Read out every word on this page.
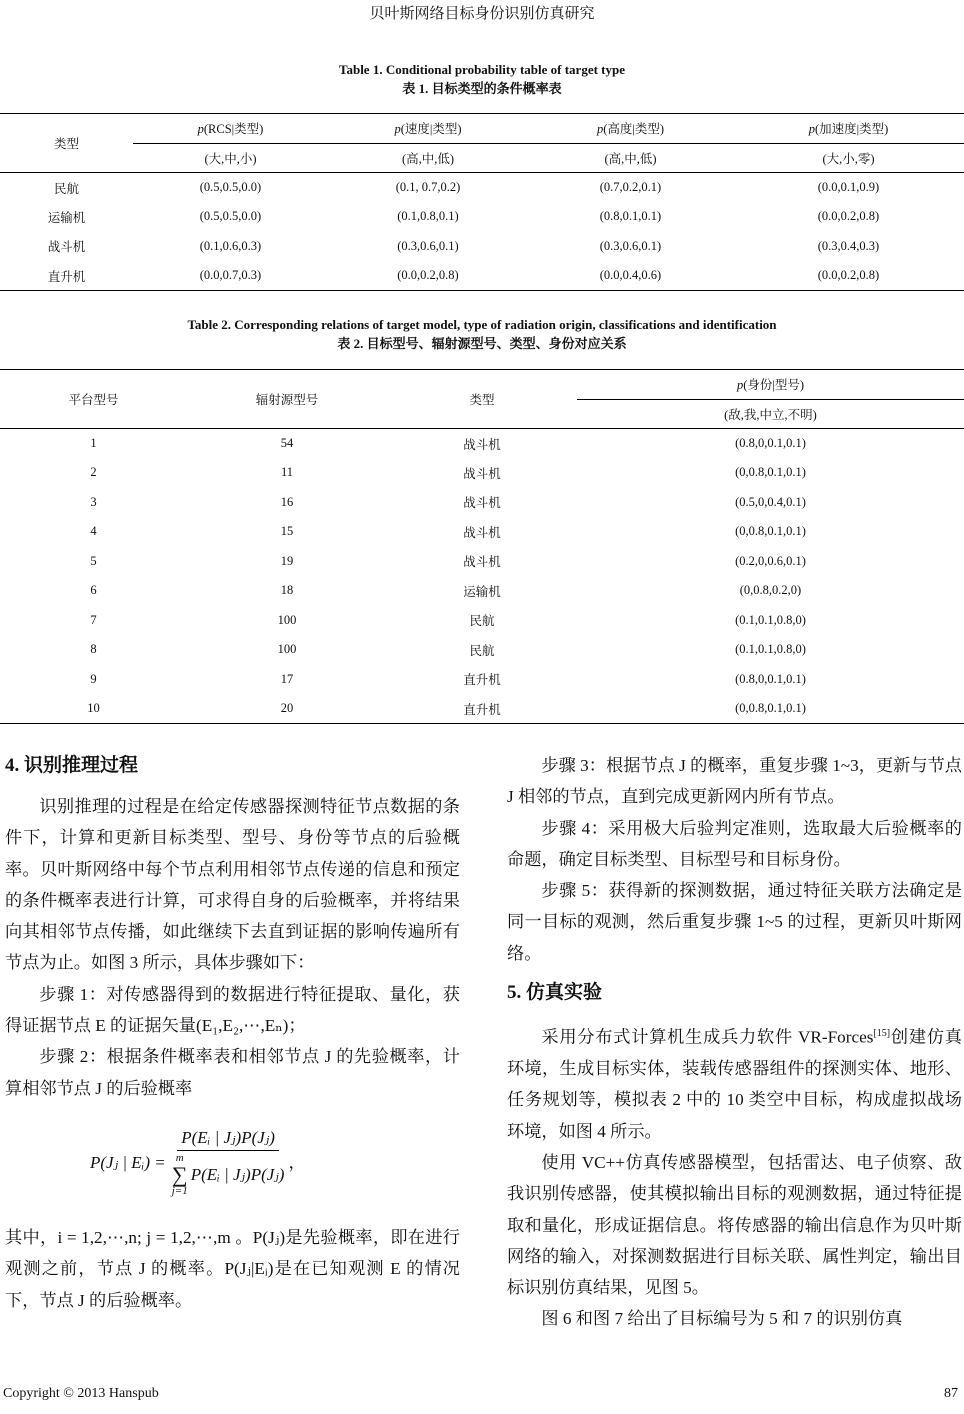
贝叶斯网络目标身份识别仿真研究
Table 1. Conditional probability table of target type
表 1. 目标类型的条件概率表
类型	p(RCS|类型)	p(速度|类型)	p(高度|类型)	p(加速度|类型)
	(大,中,小)	(高,中,低)	(高,中,低)	(大,小,零)
民航	(0.5,0.5,0.0)	(0.1, 0.7,0.2)	(0.7,0.2,0.1)	(0.0,0.1,0.9)
运输机	(0.5,0.5,0.0)	(0.1,0.8,0.1)	(0.8,0.1,0.1)	(0.0,0.2,0.8)
战斗机	(0.1,0.6,0.3)	(0.3,0.6,0.1)	(0.3,0.6,0.1)	(0.3,0.4,0.3)
直升机	(0.0,0.7,0.3)	(0.0,0.2,0.8)	(0.0,0.4,0.6)	(0.0,0.2,0.8)
Table 2. Corresponding relations of target model, type of radiation origin, classifications and identification
表 2. 目标型号、辐射源型号、类型、身份对应关系
平台型号	辐射源型号	类型	p(身份|型号)
			(敌,我,中立,不明)
1	54	战斗机	(0.8,0,0.1,0.1)
2	11	战斗机	(0,0.8,0.1,0.1)
3	16	战斗机	(0.5,0,0.4,0.1)
4	15	战斗机	(0,0.8,0.1,0.1)
5	19	战斗机	(0.2,0,0.6,0.1)
6	18	运输机	(0,0.8,0.2,0)
7	100	民航	(0.1,0.1,0.8,0)
8	100	民航	(0.1,0.1,0.8,0)
9	17	直升机	(0.8,0,0.1,0.1)
10	20	直升机	(0,0.8,0.1,0.1)
4. 识别推理过程

识别推理的过程是在给定传感器探测特征节点数据的条件下，计算和更新目标类型、型号、身份等节点的后验概率。贝叶斯网络中每个节点利用相邻节点传递的信息和预定的条件概率表进行计算，可求得自身的后验概率，并将结果向其相邻节点传播，如此继续下去直到证据的影响传遍所有节点为止。如图 3 所示，具体步骤如下：

步骤 1：对传感器得到的数据进行特征提取、量化，获得证据节点 E 的证据矢量(E₁,E₂,⋯,Eₙ)；

步骤 2：根据条件概率表和相邻节点 J 的先验概率，计算相邻节点 J 的后验概率

P(Jⱼ | Eᵢ) = P(Eᵢ | Jⱼ)P(Jⱼ)
m
∑
j=1
P(Eᵢ | Jⱼ)P(Jⱼ) ，

其中，i = 1,2,⋯,n; j = 1,2,⋯,m 。P(Jⱼ)是先验概率，即在进行观测之前，节点 J 的概率。P(Jⱼ|Eᵢ)是在已知观测 E 的情况下，节点 J 的后验概率。

步骤 3：根据节点 J 的概率，重复步骤 1~3，更新与节点 J 相邻的节点，直到完成更新网内所有节点。

步骤 4：采用极大后验判定准则，选取最大后验概率的命题，确定目标类型、目标型号和目标身份。

步骤 5：获得新的探测数据，通过特征关联方法确定是同一目标的观测，然后重复步骤 1~5 的过程，更新贝叶斯网络。

5. 仿真实验

采用分布式计算机生成兵力软件 VR-Forces[15]创建仿真环境，生成目标实体，装载传感器组件的探测实体、地形、任务规划等，模拟表 2 中的 10 类空中目标，构成虚拟战场环境，如图 4 所示。

使用 VC++仿真传感器模型，包括雷达、电子侦察、敌我识别传感器，使其模拟输出目标的观测数据，通过特征提取和量化，形成证据信息。将传感器的输出信息作为贝叶斯网络的输入，对探测数据进行目标关联、属性判定，输出目标识别仿真结果，见图 5。

图 6 和图 7 给出了目标编号为 5 和 7 的识别仿真

Copyright © 2013 Hanspub	87
